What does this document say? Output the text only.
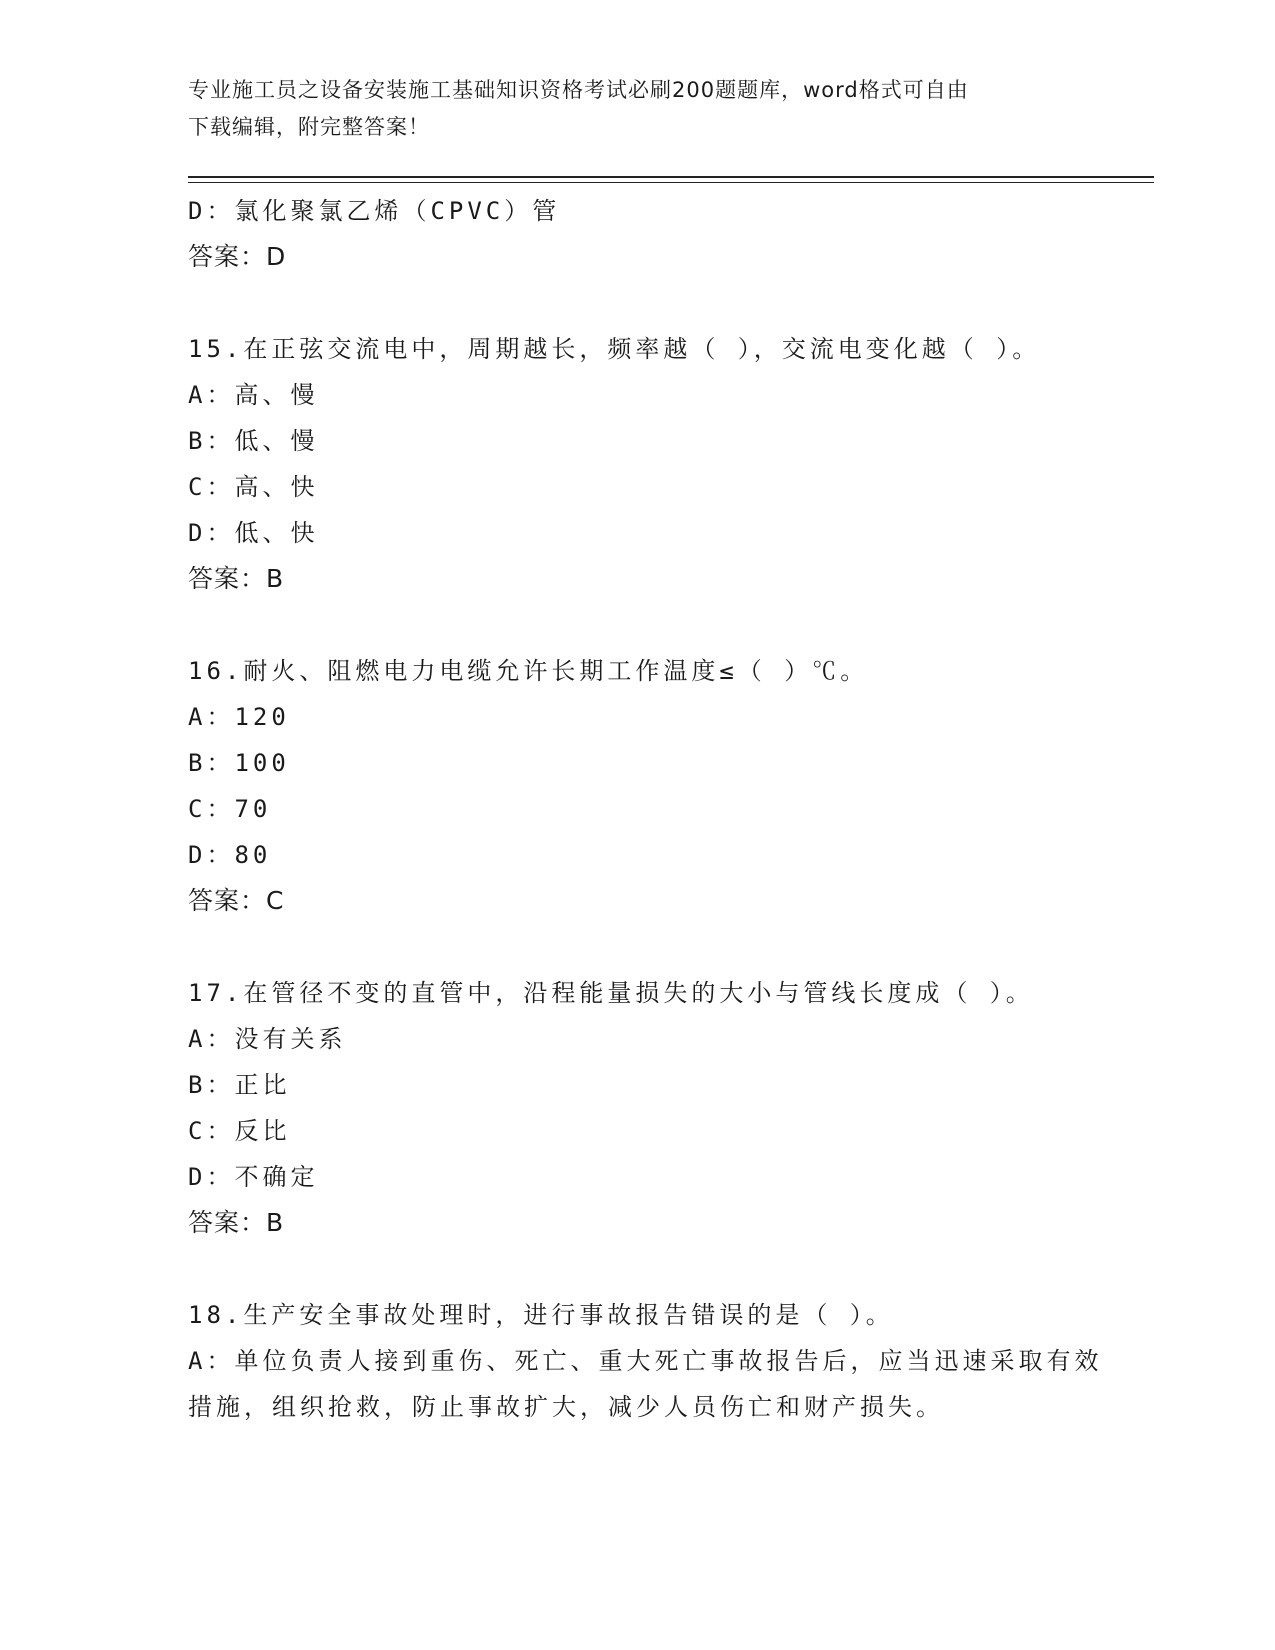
专业施工员之设备安装施工基础知识资格考试必刷200题题库，word格式可自由
下载编辑，附完整答案！
D：氯化聚氯乙烯（CPVC）管
答案：D
15.在正弦交流电中，周期越长，频率越（ ），交流电变化越（ ）。
A：高、慢
B：低、慢
C：高、快
D：低、快
答案：B
16.耐火、阻燃电力电缆允许长期工作温度≤（ ）℃。
A：120
B：100
C：70
D：80
答案：C
17.在管径不变的直管中，沿程能量损失的大小与管线长度成（ ）。
A：没有关系
B：正比
C：反比
D：不确定
答案：B
18.生产安全事故处理时，进行事故报告错误的是（ ）。
A：单位负责人接到重伤、死亡、重大死亡事故报告后，应当迅速采取有效措施，组织抢救，防止事故扩大，减少人员伤亡和财产损失。
